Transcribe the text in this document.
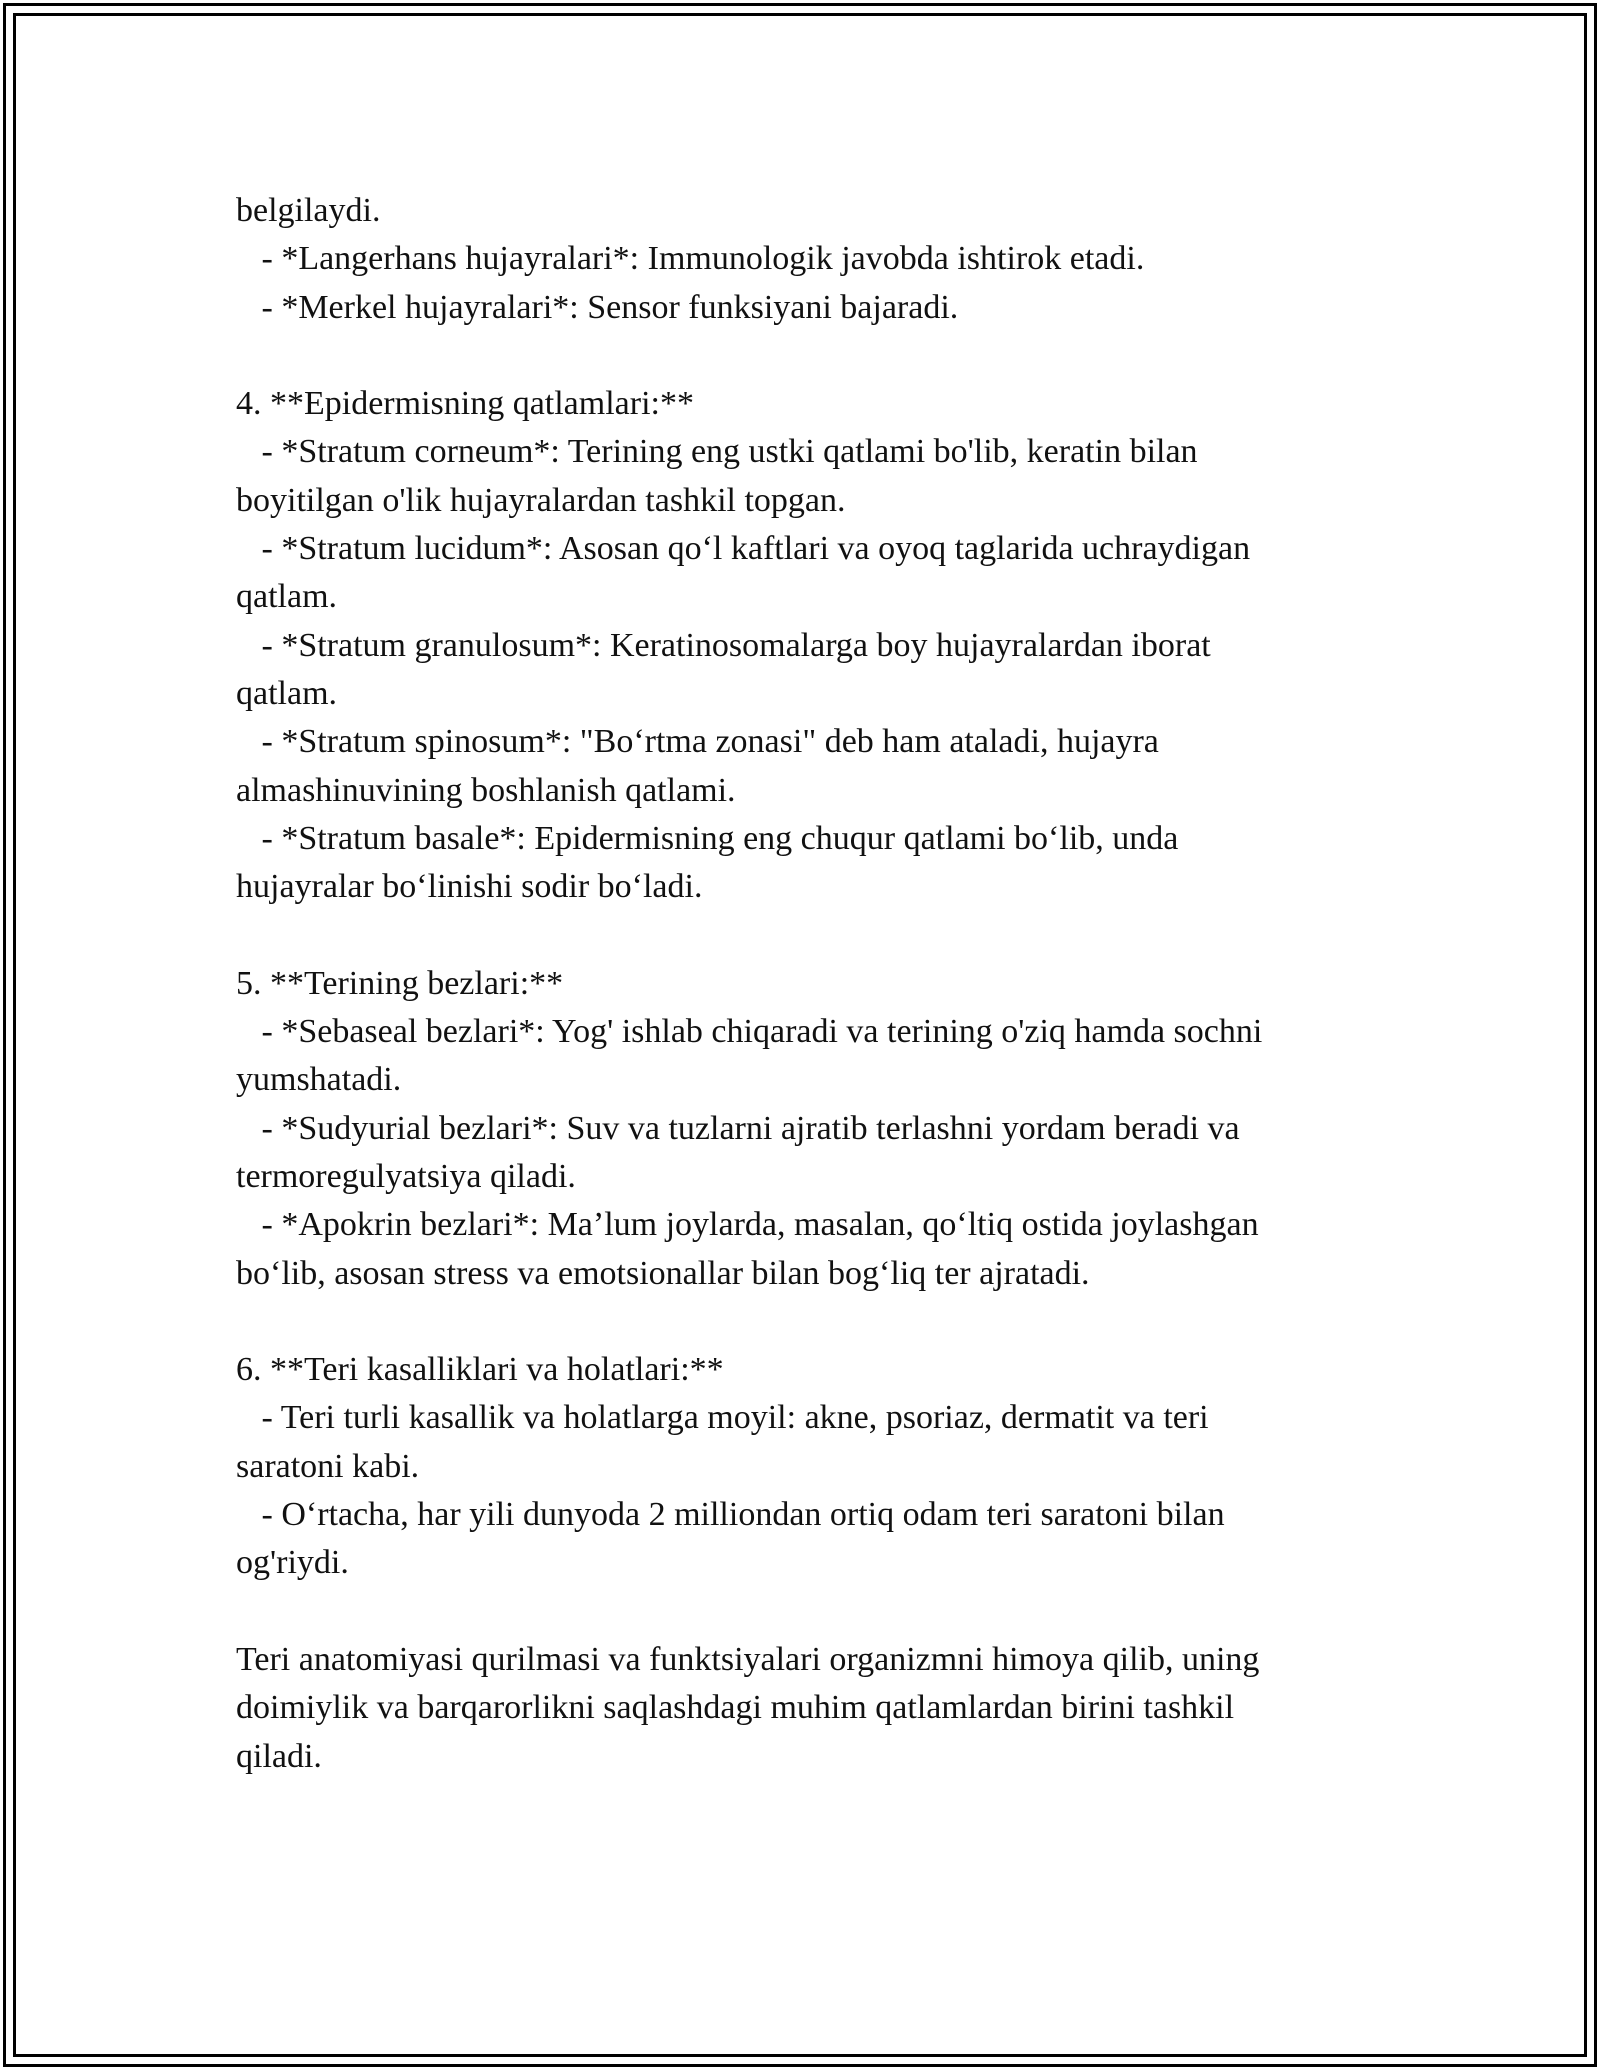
belgilaydi.
- *Langerhans hujayralari*: Immunologik javobda ishtirok etadi.
- *Merkel hujayralari*: Sensor funksiyani bajaradi.
4. **Epidermisning qatlamlari:**
- *Stratum corneum*: Terining eng ustki qatlami bo'lib, keratin bilan
boyitilgan o'lik hujayralardan tashkil topgan.
- *Stratum lucidum*: Asosan qo‘l kaftlari va oyoq taglarida uchraydigan
qatlam.
- *Stratum granulosum*: Keratinosomalarga boy hujayralardan iborat
qatlam.
- *Stratum spinosum*: "Bo‘rtma zonasi" deb ham ataladi, hujayra
almashinuvining boshlanish qatlami.
- *Stratum basale*: Epidermisning eng chuqur qatlami bo‘lib, unda
hujayralar bo‘linishi sodir bo‘ladi.
5. **Terining bezlari:**
- *Sebaseal bezlari*: Yog' ishlab chiqaradi va terining o'ziq hamda sochni
yumshatadi.
- *Sudyurial bezlari*: Suv va tuzlarni ajratib terlashni yordam beradi va
termoregulyatsiya qiladi.
- *Apokrin bezlari*: Ma’lum joylarda, masalan, qo‘ltiq ostida joylashgan
bo‘lib, asosan stress va emotsionallar bilan bog‘liq ter ajratadi.
6. **Teri kasalliklari va holatlari:**
- Teri turli kasallik va holatlarga moyil: akne, psoriaz, dermatit va teri
saratoni kabi.
- O‘rtacha, har yili dunyoda 2 milliondan ortiq odam teri saratoni bilan
og'riydi.
Teri anatomiyasi qurilmasi va funktsiyalari organizmni himoya qilib, uning
doimiylik va barqarorlikni saqlashdagi muhim qatlamlardan birini tashkil
qiladi.
